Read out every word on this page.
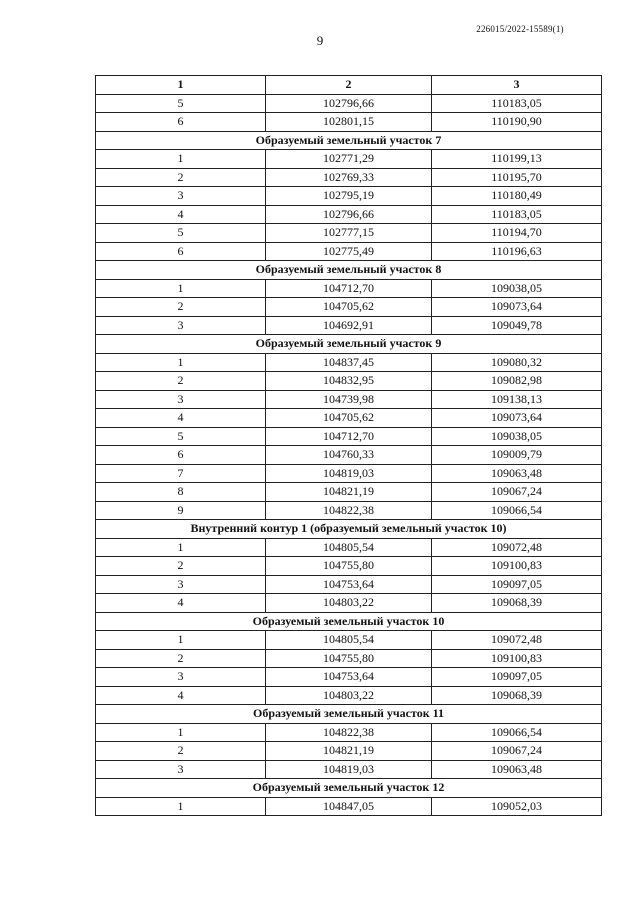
226015/2022-15589(1)
9
1	2	3
5	102796,66	110183,05
6	102801,15	110190,90
Образуемый земельный участок 7		
1	102771,29	110199,13
2	102769,33	110195,70
3	102795,19	110180,49
4	102796,66	110183,05
5	102777,15	110194,70
6	102775,49	110196,63
Образуемый земельный участок 8		
1	104712,70	109038,05
2	104705,62	109073,64
3	104692,91	109049,78
Образуемый земельный участок 9		
1	104837,45	109080,32
2	104832,95	109082,98
3	104739,98	109138,13
4	104705,62	109073,64
5	104712,70	109038,05
6	104760,33	109009,79
7	104819,03	109063,48
8	104821,19	109067,24
9	104822,38	109066,54
Внутренний контур 1 (образуемый земельный участок 10)		
1	104805,54	109072,48
2	104755,80	109100,83
3	104753,64	109097,05
4	104803,22	109068,39
Образуемый земельный участок 10		
1	104805,54	109072,48
2	104755,80	109100,83
3	104753,64	109097,05
4	104803,22	109068,39
Образуемый земельный участок 11		
1	104822,38	109066,54
2	104821,19	109067,24
3	104819,03	109063,48
Образуемый земельный участок 12		
1	104847,05	109052,03
